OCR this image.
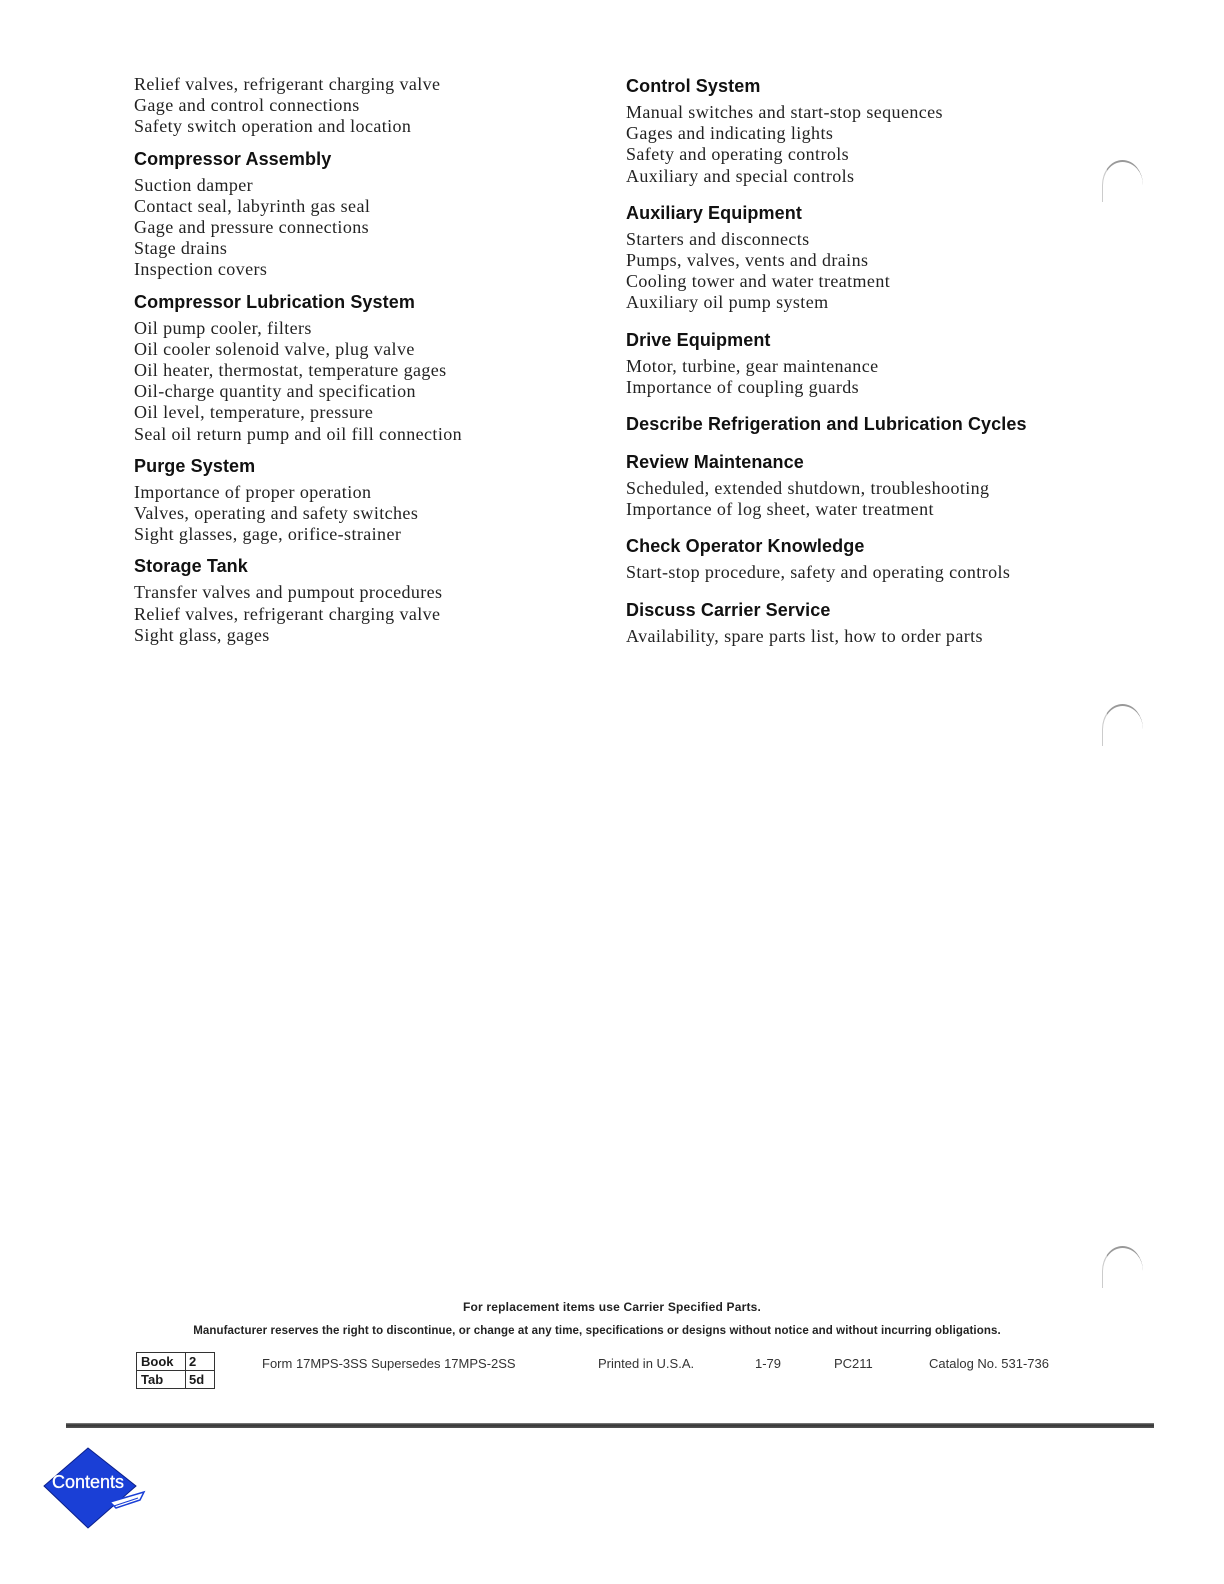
Relief valves, refrigerant charging valve
Gage and control connections
Safety switch operation and location
Compressor Assembly
Suction damper
Contact seal, labyrinth gas seal
Gage and pressure connections
Stage drains
Inspection covers
Compressor Lubrication System
Oil pump cooler, filters
Oil cooler solenoid valve, plug valve
Oil heater, thermostat, temperature gages
Oil-charge quantity and specification
Oil level, temperature, pressure
Seal oil return pump and oil fill connection
Purge System
Importance of proper operation
Valves, operating and safety switches
Sight glasses, gage, orifice-strainer
Storage Tank
Transfer valves and pumpout procedures
Relief valves, refrigerant charging valve
Sight glass, gages
Control System
Manual switches and start-stop sequences
Gages and indicating lights
Safety and operating controls
Auxiliary and special controls
Auxiliary Equipment
Starters and disconnects
Pumps, valves, vents and drains
Cooling tower and water treatment
Auxiliary oil pump system
Drive Equipment
Motor, turbine, gear maintenance
Importance of coupling guards
Describe Refrigeration and Lubrication Cycles
Review Maintenance
Scheduled, extended shutdown, troubleshooting
Importance of log sheet, water treatment
Check Operator Knowledge
Start-stop procedure, safety and operating controls
Discuss Carrier Service
Availability, spare parts list, how to order parts
For replacement items use Carrier Specified Parts.
Manufacturer reserves the right to discontinue, or change at any time, specifications or designs without notice and without incurring obligations.
Book	2
Tab	5d
Form 17MPS-3SS Supersedes 17MPS-2SS	Printed in U.S.A.	1-79	PC211	Catalog No. 531-736
Contents
